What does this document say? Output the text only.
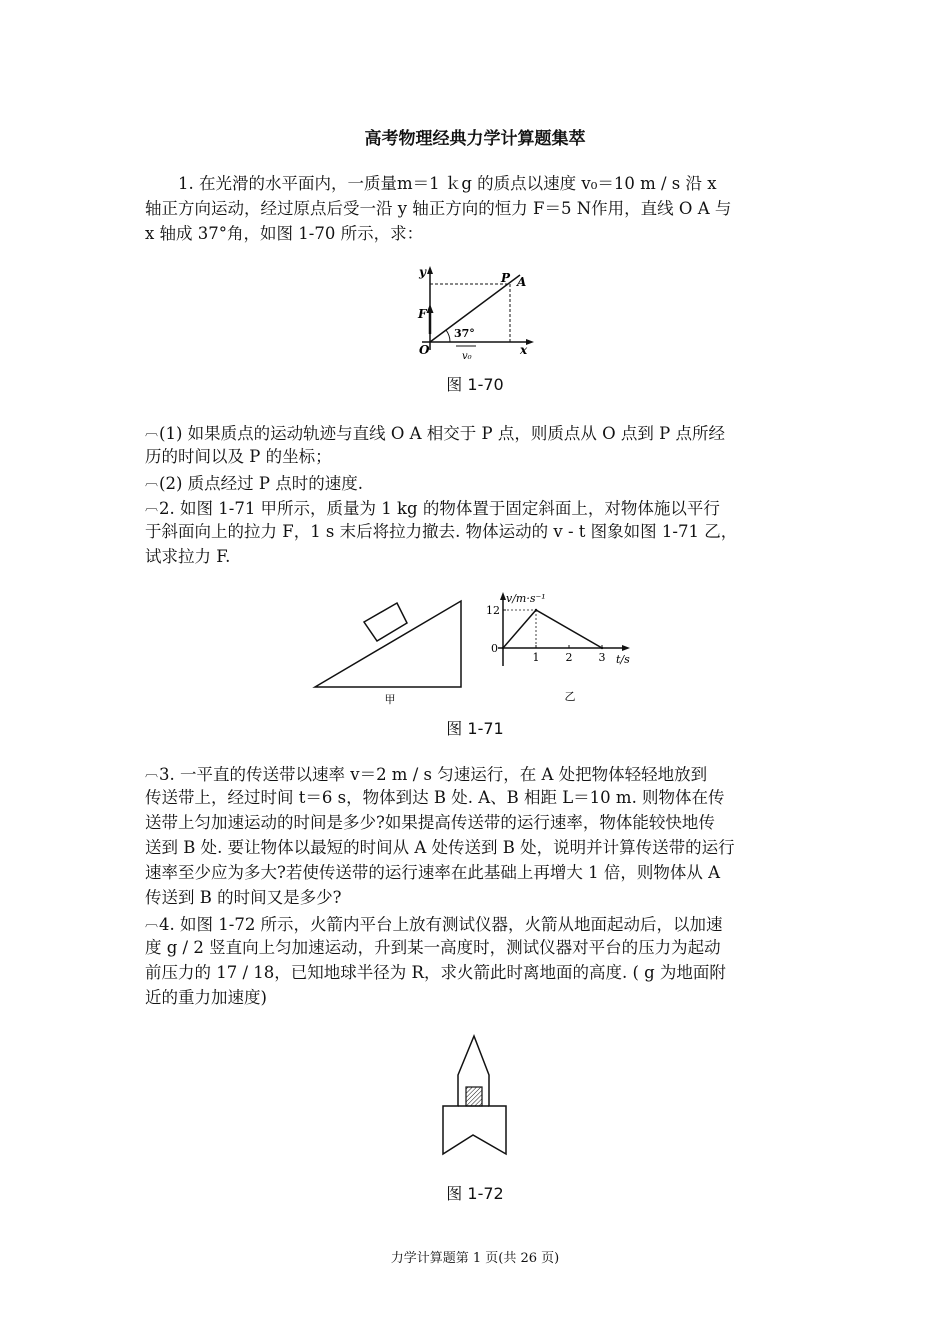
高考物理经典力学计算题集萃
　　1. 在光滑的水平面内，一质量m＝1 ｋg 的质点以速度 v₀＝10 m / s 沿 x
轴正方向运动，经过原点后受一沿 y 轴正方向的恒力 F＝5 N作用，直线 O A 与
x 轴成 37°角，如图 1-70 所示，求：
y
x
P A
F
O
37°
v₀
图 1-70
︹(1) 如果质点的运动轨迹与直线 O A 相交于 P 点，则质点从 O 点到 P 点所经
历的时间以及 P 的坐标；
︹(2) 质点经过 P 点时的速度.
︹2. 如图 1-71 甲所示，质量为 1 kg 的物体置于固定斜面上，对物体施以平行
于斜面向上的拉力 F，1 s 末后将拉力撤去. 物体运动的 v - t 图象如图 1-71 乙，
试求拉力 F.
甲
v/m·s⁻¹
t/s
0
乙
1 2 3
12
图 1-71
︹3. 一平直的传送带以速率 v＝2 m / s 匀速运行，在 A 处把物体轻轻地放到
传送带上，经过时间 t＝6 s，物体到达 B 处. A、B 相距 L＝10 m. 则物体在传
送带上匀加速运动的时间是多少?如果提高传送带的运行速率，物体能较快地传
送到 B 处. 要让物体以最短的时间从 A 处传送到 B 处，说明并计算传送带的运行
速率至少应为多大?若使传送带的运行速率在此基础上再增大 1 倍，则物体从 A
传送到 B 的时间又是多少?
︹4. 如图 1-72 所示，火箭内平台上放有测试仪器，火箭从地面起动后，以加速
度 g / 2 竖直向上匀加速运动，升到某一高度时，测试仪器对平台的压力为起动
前压力的 17 / 18，已知地球半径为 R，求火箭此时离地面的高度. ( g 为地面附
近的重力加速度)
图 1-72
力学计算题第 1 页(共 26 页)
